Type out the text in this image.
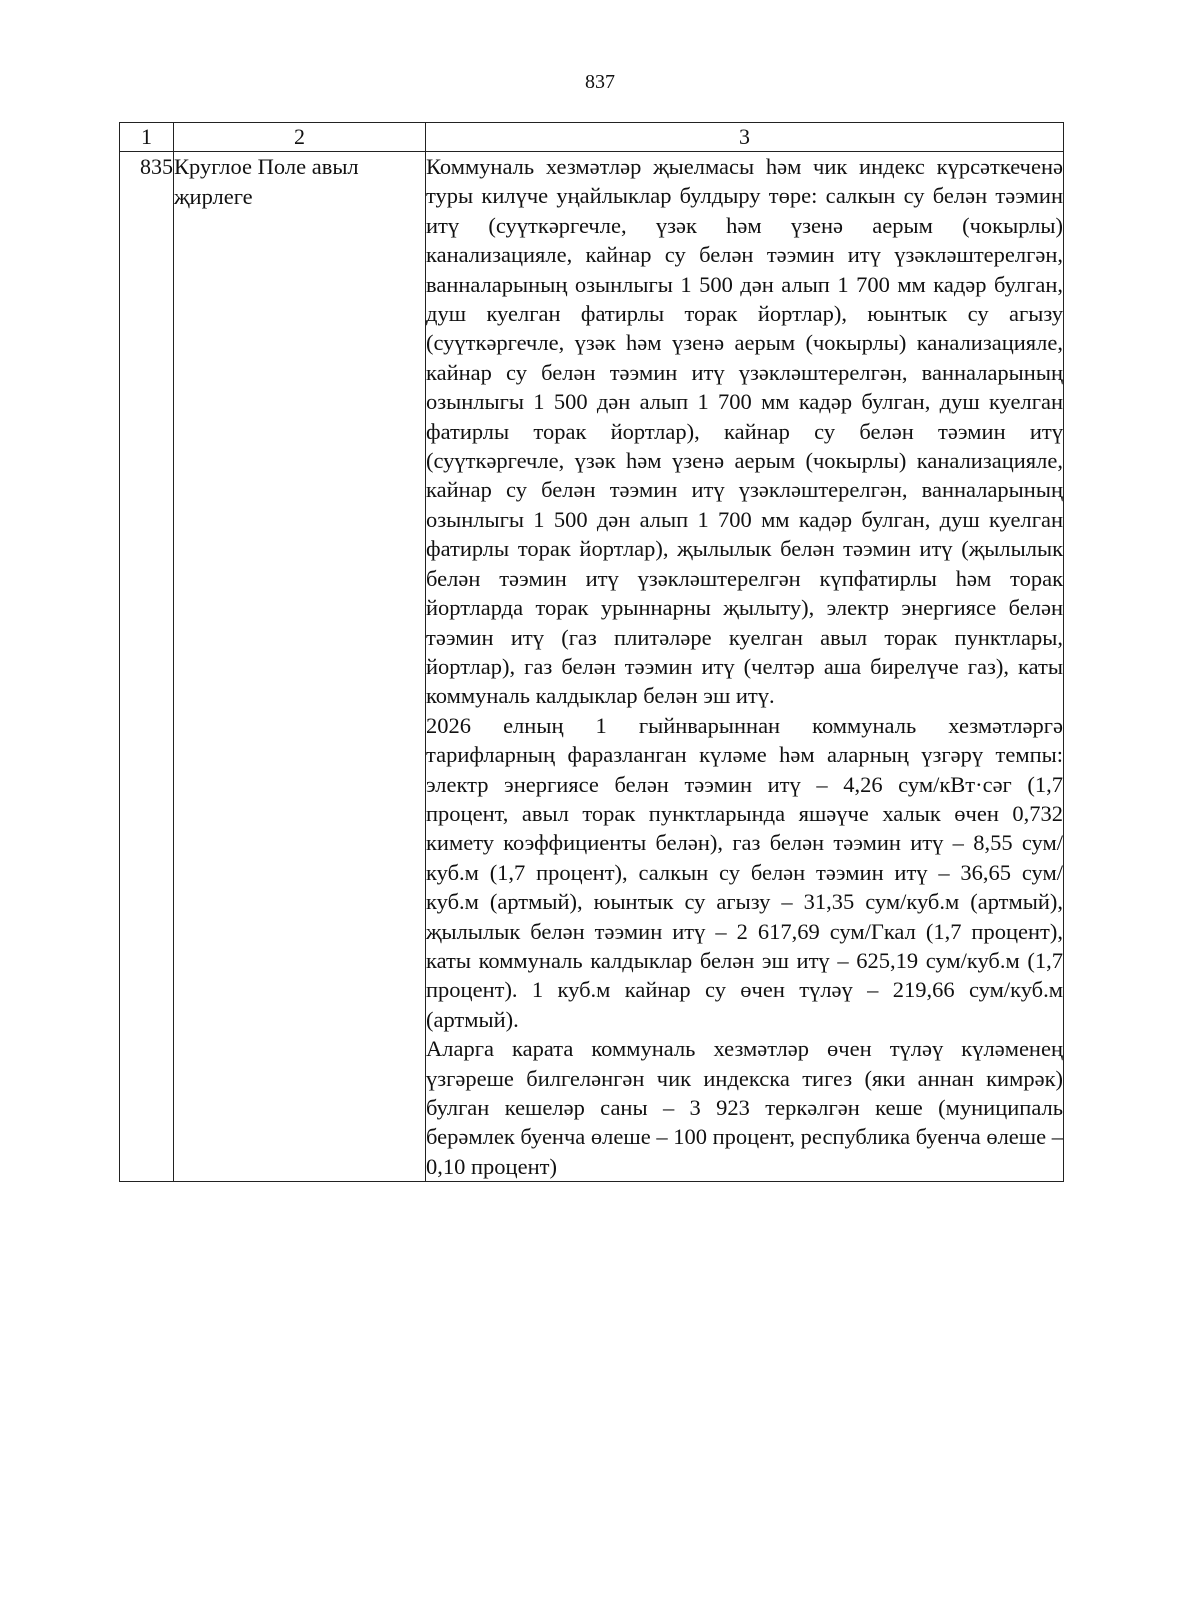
837
1	2	3
835	Круглое Поле авыл җирлеге	Коммуналь хезмәтләр җыелмасы һәм чик индекс күрсәткеченә туры килүче уңайлыклар булдыру төре: салкын су белән тәэмин итү (суүткәргечле, үзәк һәм үзенә аерым (чокырлы) канализацияле, кайнар су белән тәэмин итү үзәкләштерелгән, ванналарының озынлыгы 1 500 дән алып 1 700 мм кадәр булган, душ куелган фатирлы торак йортлар), юынтык су агызу (суүткәргечле, үзәк һәм үзенә аерым (чокырлы) канализацияле, кайнар су белән тәэмин итү үзәкләштерелгән, ванналарының озынлыгы 1 500 дән алып 1 700 мм кадәр булган, душ куелган фатирлы торак йортлар), кайнар су белән тәэмин итү (суүткәргечле, үзәк һәм үзенә аерым (чокырлы) канализацияле, кайнар су белән тәэмин итү үзәкләштерелгән, ванналарының озынлыгы 1 500 дән алып 1 700 мм кадәр булган, душ куелган фатирлы торак йортлар), җылылык белән тәэмин итү (җылылык белән тәэмин итү үзәкләштерелгән күпфатирлы һәм торак йортларда торак урыннарны җылыту), электр энергиясе белән тәэмин итү (газ плитәләре куелган авыл торак пунктлары, йортлар), газ белән тәэмин итү (челтәр аша бирелүче газ), каты коммуналь калдыклар белән эш итү.

2026 елның 1 гыйнварыннан коммуналь хезмәтләргә тарифларның фаразланган күләме һәм аларның үзгәрү темпы: электр энергиясе белән тәэмин итү – 4,26 сум/кВт·сәг (1,7 процент, авыл торак пунктларында яшәүче халык өчен 0,732 кимету коэффициенты белән), газ белән тәэмин итү – 8,55 сум/куб.м (1,7 процент), салкын су белән тәэмин итү – 36,65 сум/куб.м (артмый), юынтык су агызу – 31,35 сум/куб.м (артмый), җылылык белән тәэмин итү – 2 617,69 сум/Гкал (1,7 процент), каты коммуналь калдыклар белән эш итү – 625,19 сум/куб.м (1,7 процент). 1 куб.м кайнар су өчен түләү – 219,66 сум/куб.м (артмый).

Аларга карата коммуналь хезмәтләр өчен түләү күләменең үзгәреше билгеләнгән чик индекска тигез (яки аннан кимрәк) булган кешеләр саны – 3 923 теркәлгән кеше (муниципаль берәмлек буенча өлеше – 100 процент, республика буенча өлеше – 0,10 процент)
